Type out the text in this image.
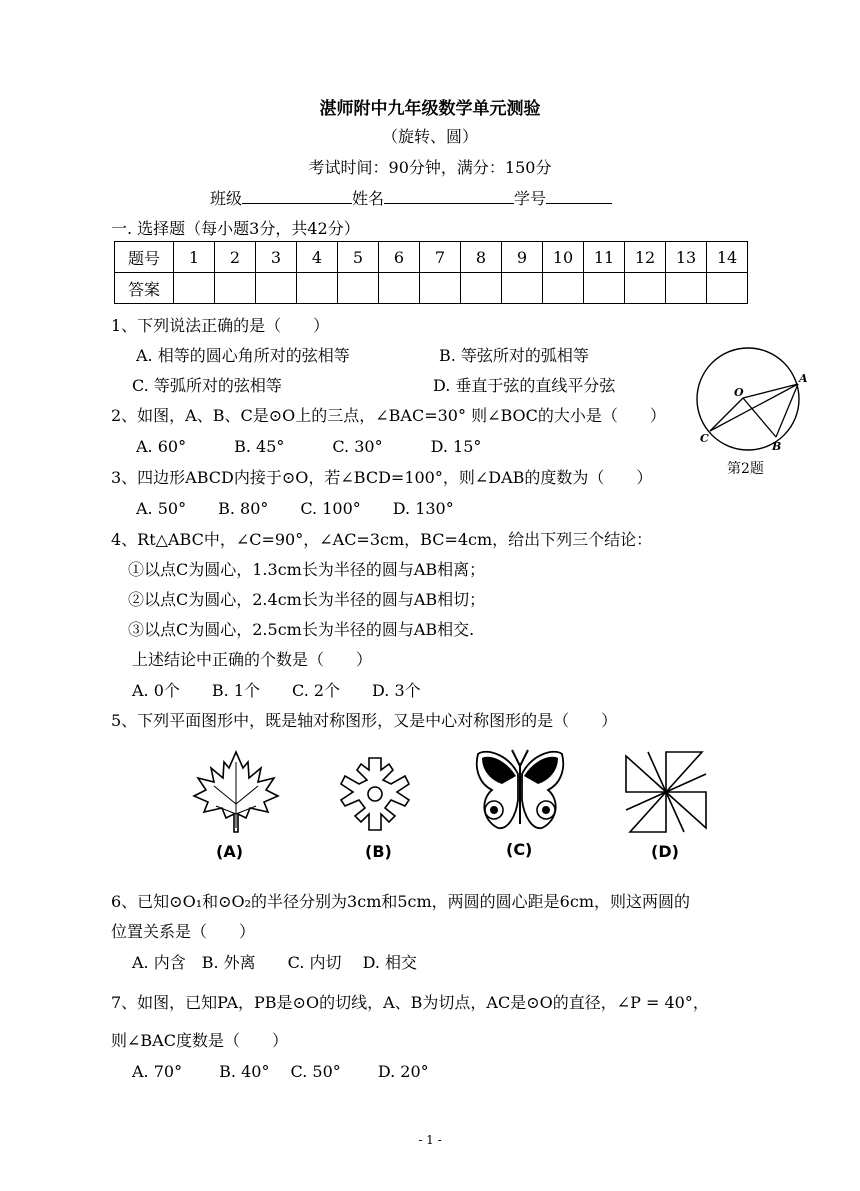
湛师附中九年级数学单元测验
（旋转、圆）
考试时间：90分钟，满分：150分
班级	姓名	学号
一. 选择题（每小题3分，共42分）
题号	1	2	3	4	5	6	7	8	9	10	11	12	13	14
答案														
1、下列说法正确的是（　　）
A. 相等的圆心角所对的弦相等	B. 等弦所对的弧相等
C. 等弧所对的弦相等	D. 垂直于弦的直线平分弦
2、如图，A、B、C是⊙O上的三点，∠BAC=30° 则∠BOC的大小是（　　）
A. 60°　　　B. 45°　　　C. 30°　　　D. 15°
O
A
B
C
第2题
3、四边形ABCD内接于⊙O，若∠BCD=100°，则∠DAB的度数为（　　）
A. 50°　　B. 80°　　C. 100°　　D. 130°
4、Rt△ABC中，∠C=90°，∠AC=3cm，BC=4cm，给出下列三个结论：
①以点C为圆心，1.3cm长为半径的圆与AB相离；
②以点C为圆心，2.4cm长为半径的圆与AB相切；
③以点C为圆心，2.5cm长为半径的圆与AB相交.
上述结论中正确的个数是（　　）
A. 0个　　B. 1个　　C. 2个　　D. 3个
5、下列平面图形中，既是轴对称图形，又是中心对称图形的是（　　）
(A)	(B)	(C)	(D)
6、已知⊙O₁和⊙O₂的半径分别为3cm和5cm，两圆的圆心距是6cm，则这两圆的
位置关系是（　　）
A. 内含　B. 外离　　C. 内切　 D. 相交
7、如图，已知PA，PB是⊙O的切线，A、B为切点，AC是⊙O的直径，∠P = 40°，
则∠BAC度数是（　　）
A. 70°　　 B. 40°　 C. 50°　　 D. 20°
- 1 -
